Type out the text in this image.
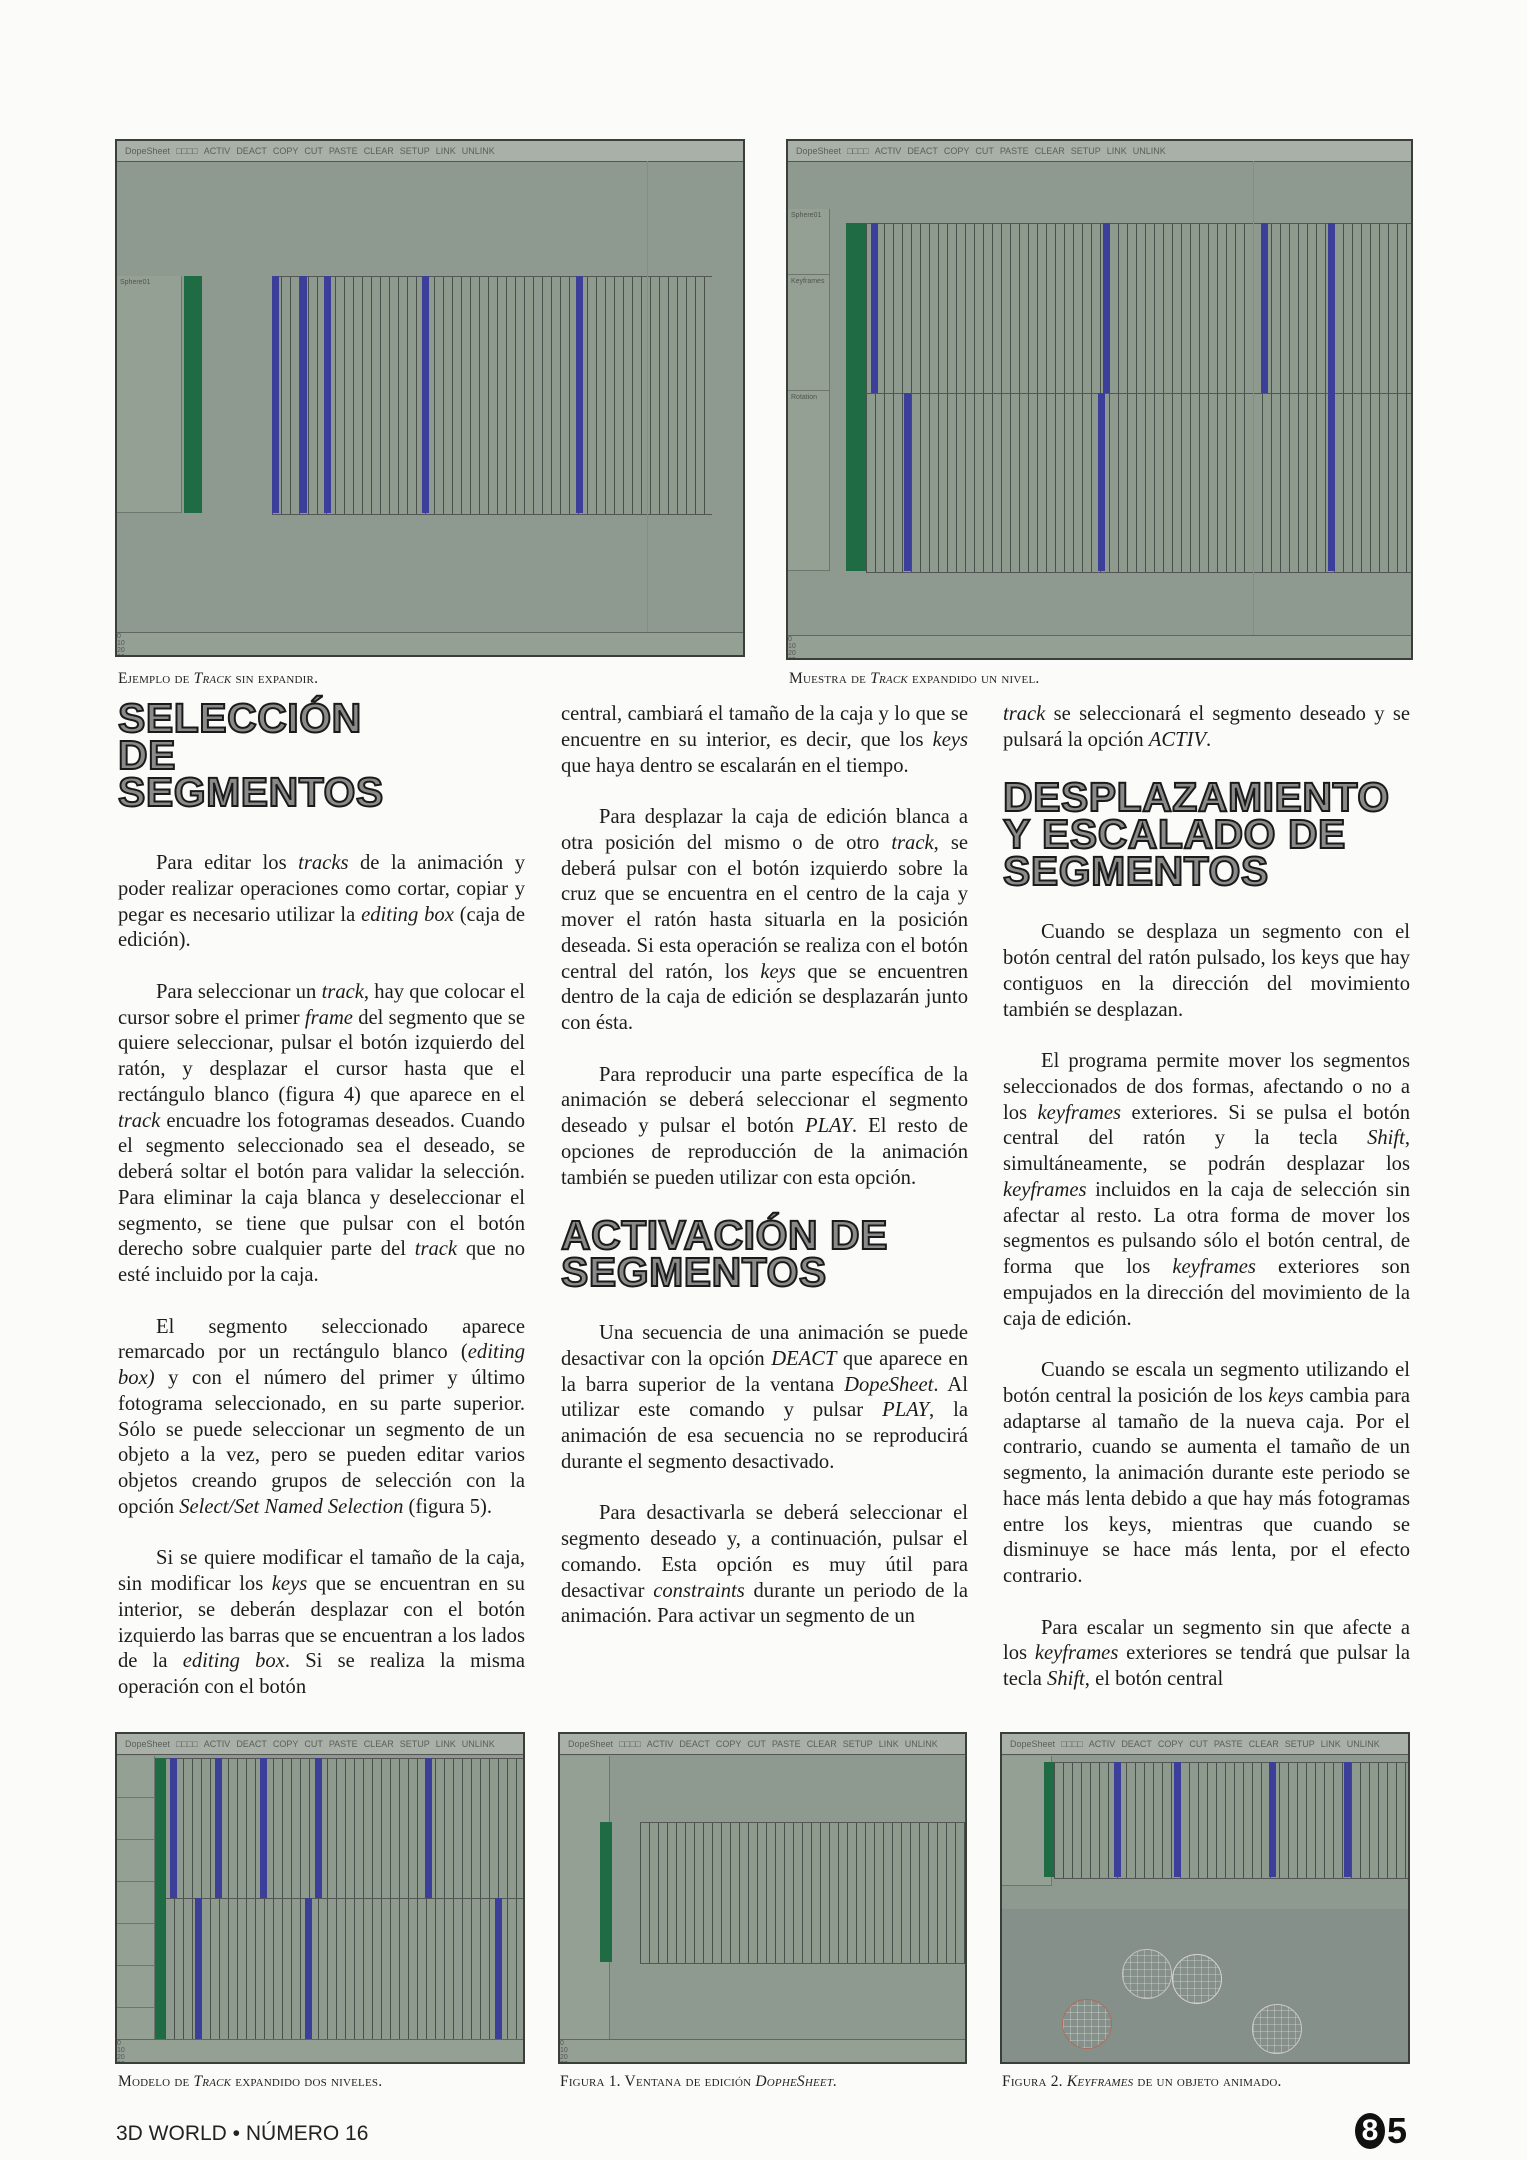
DopeSheet □□□□ ACTIV DEACT COPY CUT PASTE CLEAR SETUP LINK UNLINK
Sphere01
0
10
20
DopeSheet □□□□ ACTIV DEACT COPY CUT PASTE CLEAR SETUP LINK UNLINK
Sphere01
Keyframes
Rotation
0
10
20
DopeSheet □□□□ ACTIV DEACT COPY CUT PASTE CLEAR SETUP LINK UNLINK
0
10
20
DopeSheet □□□□ ACTIV DEACT COPY CUT PASTE CLEAR SETUP LINK UNLINK
0
10
20
DopeSheet □□□□ ACTIV DEACT COPY CUT PASTE CLEAR SETUP LINK UNLINK
Ejemplo de Track sin expandir.	Muestra de Track expandido un nivel.
Modelo de Track expandido dos niveles.	Figura 1. Ventana de edición DopheSheet.	Figura 2. Keyframes de un objeto animado.
SELECCIÓN DE SEGMENTOS

Para editar los tracks de la animación y poder realizar operaciones como cortar, copiar y pegar es necesario utilizar la editing box (caja de edición).

Para seleccionar un track, hay que colocar el cursor sobre el primer frame del segmento que se quiere seleccionar, pulsar el botón izquierdo del ratón, y desplazar el cursor hasta que el rectángulo blanco (figura 4) que aparece en el track encuadre los fotogramas deseados. Cuando el segmento seleccionado sea el deseado, se deberá soltar el botón para validar la selección. Para eliminar la caja blanca y deseleccionar el segmento, se tiene que pulsar con el botón derecho sobre cualquier parte del track que no esté incluido por la caja.

El segmento seleccionado aparece remarcado por un rectángulo blanco (editing box) y con el número del primer y último fotograma seleccionado, en su parte superior. Sólo se puede seleccionar un segmento de un objeto a la vez, pero se pueden editar varios objetos creando grupos de selección con la opción Select/Set Named Selection (figura 5).

Si se quiere modificar el tamaño de la caja, sin modificar los keys que se encuentran en su interior, se deberán desplazar con el botón izquierdo las barras que se encuentran a los lados de la editing box. Si se realiza la misma operación con el botón

central, cambiará el tamaño de la caja y lo que se encuentre en su interior, es decir, que los keys que haya dentro se escalarán en el tiempo.

Para desplazar la caja de edición blanca a otra posición del mismo o de otro track, se deberá pulsar con el botón izquierdo sobre la cruz que se encuentra en el centro de la caja y mover el ratón hasta situarla en la posición deseada. Si esta operación se realiza con el botón central del ratón, los keys que se encuentren dentro de la caja de edición se desplazarán junto con ésta.

Para reproducir una parte específica de la animación se deberá seleccionar el segmento deseado y pulsar el botón PLAY. El resto de opciones de reproducción de la animación también se pueden utilizar con esta opción.

ACTIVACIÓN DE SEGMENTOS

Una secuencia de una animación se puede desactivar con la opción DEACT que aparece en la barra superior de la ventana DopeSheet. Al utilizar este comando y pulsar PLAY, la animación de esa secuencia no se reproducirá durante el segmento desactivado.

Para desactivarla se deberá seleccionar el segmento deseado y, a continuación, pulsar el comando. Esta opción es muy útil para desactivar constraints durante un periodo de la animación. Para activar un segmento de un

track se seleccionará el segmento deseado y se pulsará la opción ACTIV.

DESPLAZAMIENTO Y ESCALADO DE SEGMENTOS

Cuando se desplaza un segmento con el botón central del ratón pulsado, los keys que hay contiguos en la dirección del movimiento también se desplazan.

El programa permite mover los segmentos seleccionados de dos formas, afectando o no a los keyframes exteriores. Si se pulsa el botón central del ratón y la tecla Shift, simultáneamente, se podrán desplazar los keyframes incluidos en la caja de selección sin afectar al resto. La otra forma de mover los segmentos es pulsando sólo el botón central, de forma que los keyframes exteriores son empujados en la dirección del movimiento de la caja de edición.

Cuando se escala un segmento utilizando el botón central la posición de los keys cambia para adaptarse al tamaño de la nueva caja. Por el contrario, cuando se aumenta el tamaño de un segmento, la animación durante este periodo se hace más lenta debido a que hay más fotogramas entre los keys, mientras que cuando se disminuye se hace más lenta, por el efecto contrario.

Para escalar un segmento sin que afecte a los keyframes exteriores se tendrá que pulsar la tecla Shift, el botón central

3D WORLD • NÚMERO 16	8 5
